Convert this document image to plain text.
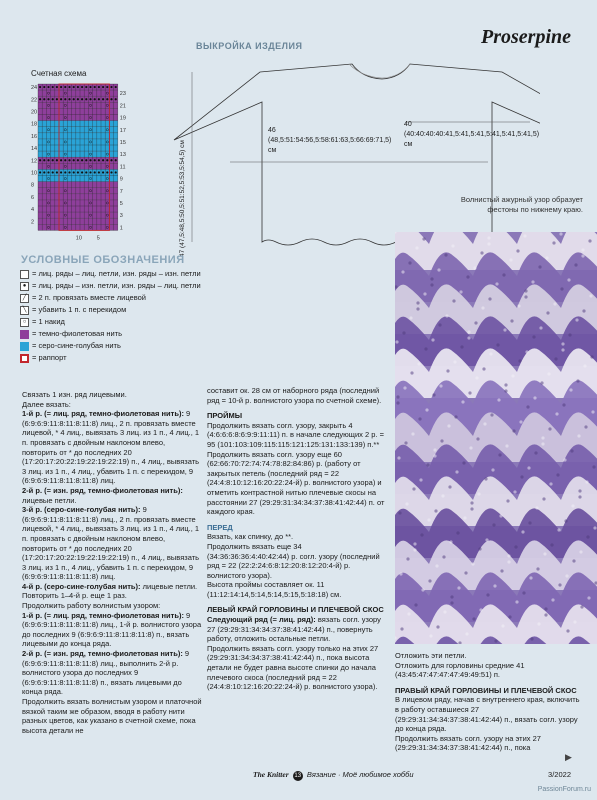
Proserpine
ВЫКРОЙКА ИЗДЕЛИЯ
Счетная схема
24
22
20
18
16
14
12
10
8
6
4
2
23
21
19
17
15
13
11
9
7
5
3
1
10	5
46 (48,5:51:54:56,5:58:61:63,5:66:69:71,5) см
40 (40:40:40:40:41,5:41,5:41,5:41,5:41,5:41,5) см
47 (47,5:48,5:50,5:51:52,5:53,5:54,5) см	Волнистый ажурный узор образует фестоны по нижнему краю.
УСЛОВНЫЕ ОБОЗНАЧЕНИЯ
= лиц. ряды – лиц. петли, изн. ряды – изн. петли
● = лиц. ряды – изн. петли, изн. ряды – лиц. петли
╱ = 2 п. провязать вместе лицевой
╲ = убавить 1 п. с перекидом
○ = 1 накид
= темно-фиолетовая нить
= серо-сине-голубая нить
= раппорт

Связать 1 изн. ряд лицевыми.

Далее вязать:

1-й р. (= лиц. ряд, темно-фиолетовая нить): 9 (6:9:6:9:11:8:11:8:11:8) лиц., 2 п. провязать вместе лицевой, * 4 лиц., вывязать 3 лиц. из 1 п., 4 лиц., 1 п. провязать с двойным наклоном влево, повторить от * до последних 20 (17:20:17:20:22:19:22:19:22:19) п., 4 лиц., вывязать 3 лиц. из 1 п., 4 лиц., убавить 1 п. с перекидом, 9 (6:9:6:9:11:8:11:8:11:8) лиц.

2-й р. (= изн. ряд, темно-фиолетовая нить): лицевые петли.

3-й р. (серо-сине-голубая нить): 9 (6:9:6:9:11:8:11:8:11:8) лиц., 2 п. провязать вместе лицевой, * 4 лиц., вывязать 3 лиц. из 1 п., 4 лиц., 1 п. провязать с двойным наклоном влево, повторить от * до последних 20 (17:20:17:20:22:19:22:19:22:19) п., 4 лиц., вывязать 3 лиц. из 1 п., 4 лиц., убавить 1 п. с перекидом, 9 (6:9:6:9:11:8:11:8:11:8) лиц.

4-й р. (серо-сине-голубая нить): лицевые петли.

Повторить 1–4-й р. еще 1 раз.

Продолжить работу волнистым узором:

1-й р. (= лиц. ряд, темно-фиолетовая нить): 9 (6:9:6:9:11:8:11:8:11:8) лиц., 1-й р. волнистого узора до последних 9 (6:9:6:9:11:8:11:8:11:8) п., вязать лицевыми до конца ряда.

2-й р. (= изн. ряд, темно-фиолетовая нить): 9 (6:9:6:9:11:8:11:8:11:8) лиц., выполнить 2-й р. волнистого узора до последних 9 (6:9:6:9:11:8:11:8:11:8) п., вязать лицевыми до конца ряда.

Продолжить вязать волнистым узором и платочной вязкой таким же образом, вводя в работу нити разных цветов, как указано в счетной схеме, пока высота детали не

составит ок. 28 см от наборного ряда (последний ряд = 10-й р. волнистого узора по счетной схеме).

ПРОЙМЫ

Продолжить вязать согл. узору, закрыть 4 (4:6:6:6:8:6:9:9:11:11) п. в начале следующих 2 р. = 95 (101:103:109:115:115:121:125:131:133:139) п.**

Продолжить вязать согл. узору еще 60 (62:66:70:72:74:74:78:82:84:86) р. (работу от закрытых петель (последний ряд = 22 (24:4:8:10:12:16:20:22:24-й) р. волнистого узора) и отметить контрастной нитью плечевые скосы на расстоянии 27 (29:29:31:34:34:37:38:41:42:44) п. от каждого края.

ПЕРЕД

Вязать, как спинку, до **.

Продолжить вязать еще 34 (34:36:36:36:4:40:42:44) р. согл. узору (последний ряд = 22 (22:2:24:6:8:12:20:8:12:20:4-й) р. волнистого узора).

Высота проймы составляет ок. 11 (11:12:14:14,5:14,5:14,5:15,5:18:18) см.

ЛЕВЫЙ КРАЙ ГОРЛОВИНЫ И ПЛЕЧЕВОЙ СКОС

Следующий ряд (= лиц. ряд): вязать согл. узору 27 (29:29:31:34:34:37:38:41:42:44) п., повернуть работу, отложить остальные петли.

Продолжить вязать согл. узору только на этих 27 (29:29:31:34:34:37:38:41:42:44) п., пока высота детали не будет равна высоте спинки до начала плечевого скоса (последний ряд = 22 (24:4:8:10:12:16:20:22:24-й) р. волнистого узора).

Отложить эти петли.

Отложить для горловины средние 41 (43:45:47:47:47:47:49:49:51) п.

ПРАВЫЙ КРАЙ ГОРЛОВИНЫ И ПЛЕЧЕВОЙ СКОС

В лицевом ряду, начав с внутреннего края, включить в работу оставшиеся 27 (29:29:31:34:34:37:38:41:42:44) п., вязать согл. узору до конца ряда.

Продолжить вязать согл. узору на этих 27 (29:29:31:34:34:37:38:41:42:44) п., пока

▶
The Knitter 13 Вязание · Моё любимое хобби	3/2022
PassionForum.ru
